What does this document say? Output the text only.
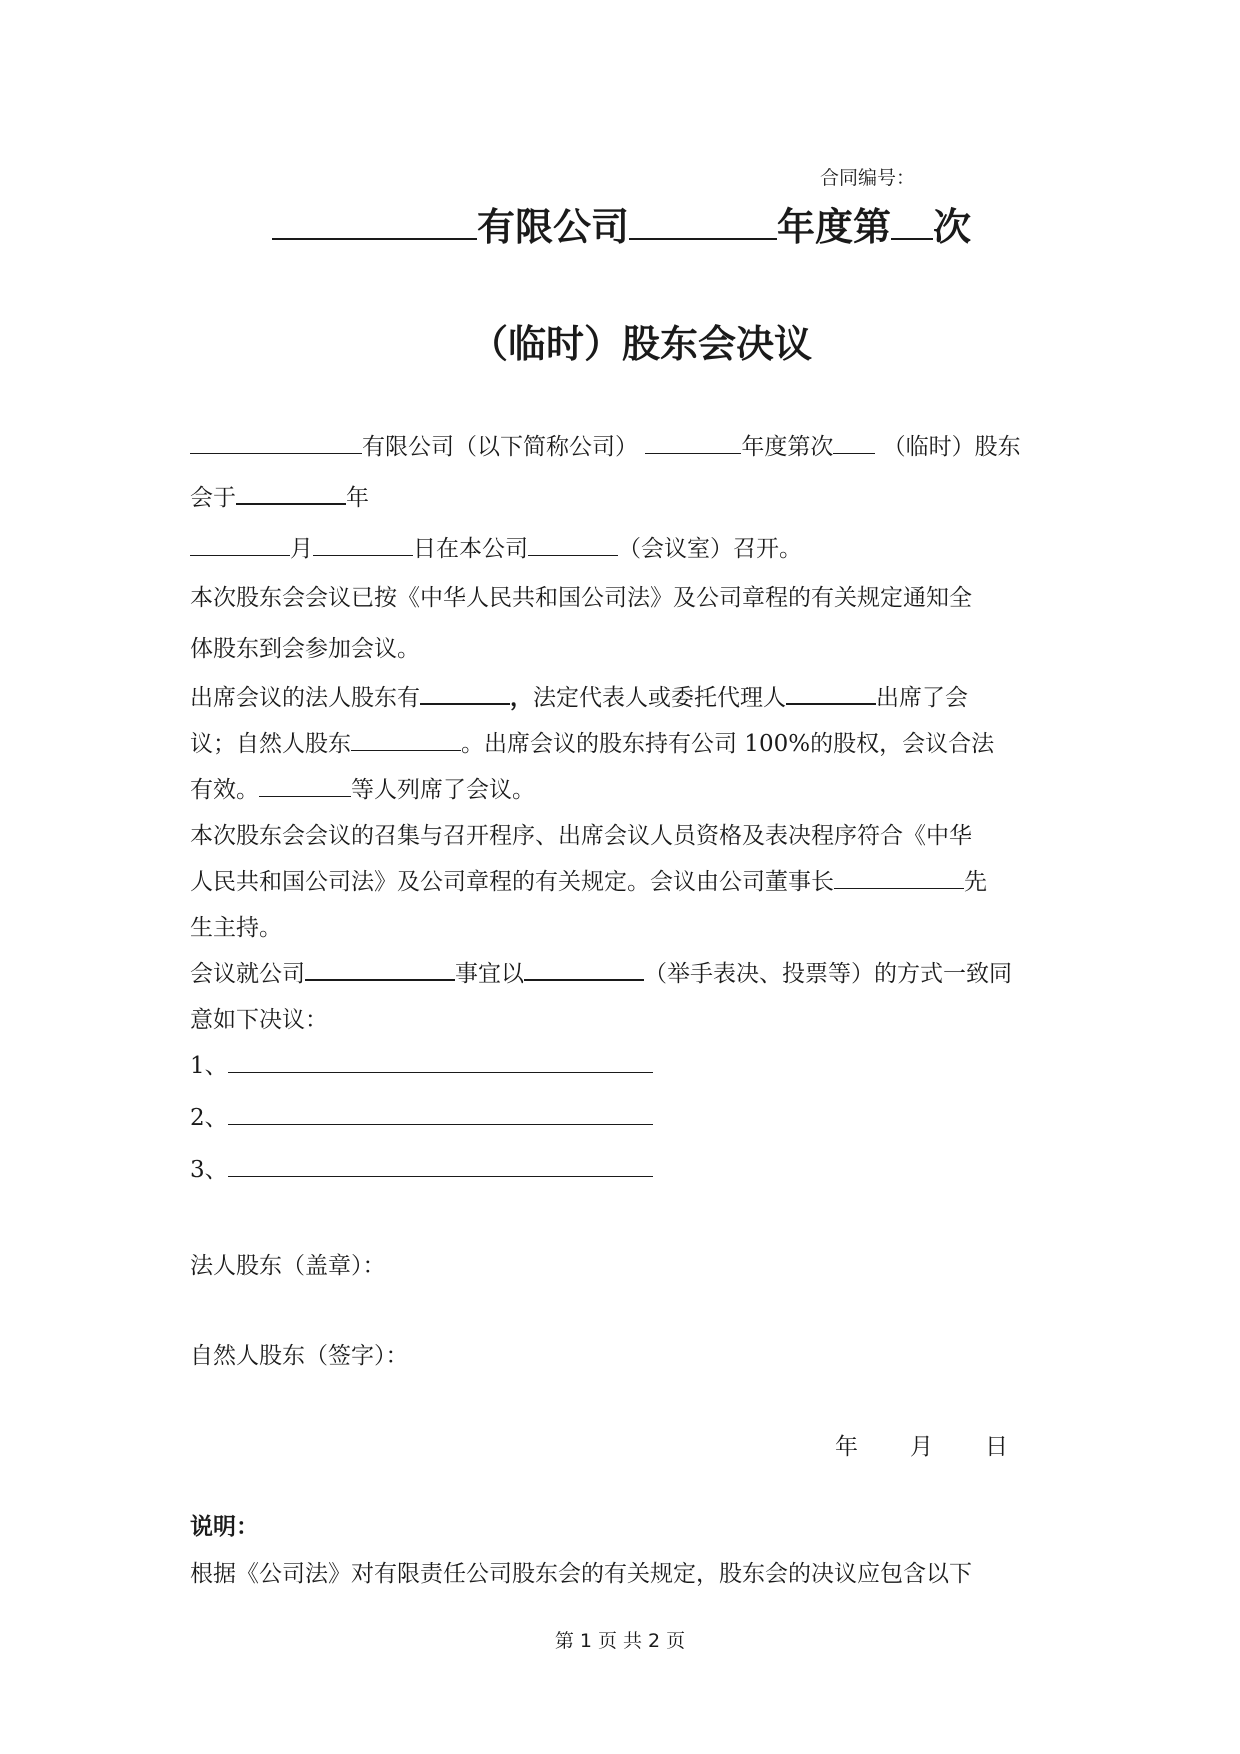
合同编号：
有限公司	年度第 次
（临时）股东会决议
有限公司（以下简称公司）	年度第次 （临时）股东
会于	年
月	日在本公司	（会议室）召开。
本次股东会会议已按《中华人民共和国公司法》及公司章程的有关规定通知全
体股东到会参加会议。
出席会议的法人股东有	，法定代表人或委托代理人	出席了会
议；自然人股东	。出席会议的股东持有公司 100%的股权，会议合法
有效。	等人列席了会议。
本次股东会会议的召集与召开程序、出席会议人员资格及表决程序符合《中华
人民共和国公司法》及公司章程的有关规定。会议由公司董事长	先
生主持。
会议就公司	事宜以	（举手表决、投票等）的方式一致同
意如下决议：
1、
2、
3、
法人股东（盖章）：
自然人股东（签字）：
年 月 日
说明：
根据《公司法》对有限责任公司股东会的有关规定，股东会的决议应包含以下
第 1 页 共 2 页
